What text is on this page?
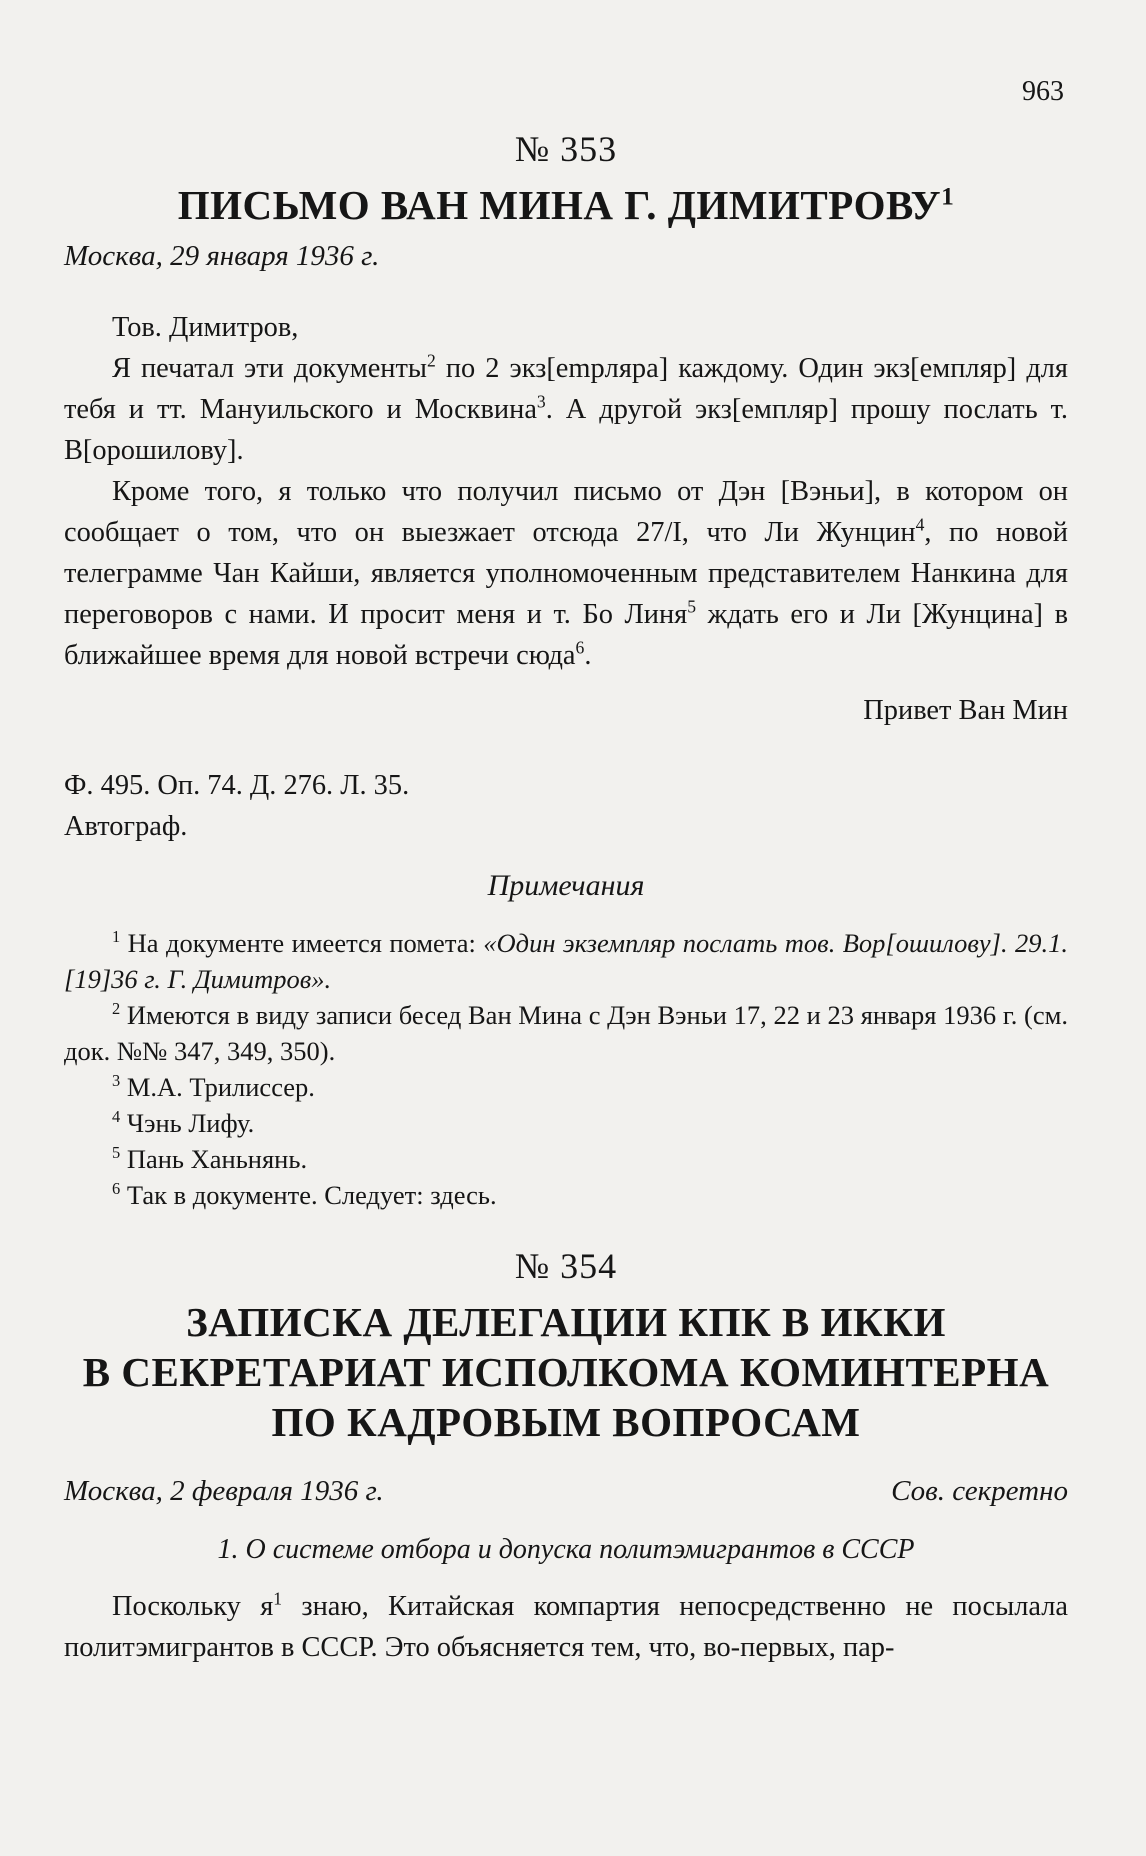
963
№ 353
ПИСЬМО ВАН МИНА Г. ДИМИТРОВУ$^1$
Москва, 29 января 1936 г.

Тов. Димитров,

Я печатал эти документы$^2$ по 2 экз[empляра] каждому. Один экз[емпляр] для тебя и тт. Мануильского и Москвина$^3$. А другой экз[емпляр] прошу послать т. В[орошилову].

Кроме того, я только что получил письмо от Дэн [Вэньи], в котором он сообщает о том, что он выезжает отсюда 27/I, что Ли Жунцин$^4$, по новой телеграмме Чан Кайши, является уполномоченным представителем Нанкина для переговоров с нами. И просит меня и т. Бо Линя$^5$ ждать его и Ли [Жунцина] в ближайшее время для новой встречи сюда$^6$.

Привет Ван Мин

Ф. 495. Оп. 74. Д. 276. Л. 35.

Автограф.

Примечания

$^1$ На документе имеется помета: «Один экземпляр послать тов. Вор[ошилову]. 29.1.[19]36 г. Г. Димитров».

$^2$ Имеются в виду записи бесед Ван Мина с Дэн Вэньи 17, 22 и 23 января 1936 г. (см. док. №№ 347, 349, 350).

$^3$ М.А. Трилиссер.

$^4$ Чэнь Лифу.

$^5$ Пань Ханьнянь.

$^6$ Так в документе. Следует: здесь.

№ 354
ЗАПИСКА ДЕЛЕГАЦИИ КПК В ИККИ
В СЕКРЕТАРИАТ ИСПОЛКОМА КОМИНТЕРНА
ПО КАДРОВЫМ ВОПРОСАМ
Москва, 2 февраля 1936 г.	Сов. секретно
1. О системе отбора и допуска политэмигрантов в СССР

Поскольку $я^1$ знаю, Китайская компартия непосредственно не посылала политэмигрантов в СССР. Это объясняется тем, что, во-первых, пар-
